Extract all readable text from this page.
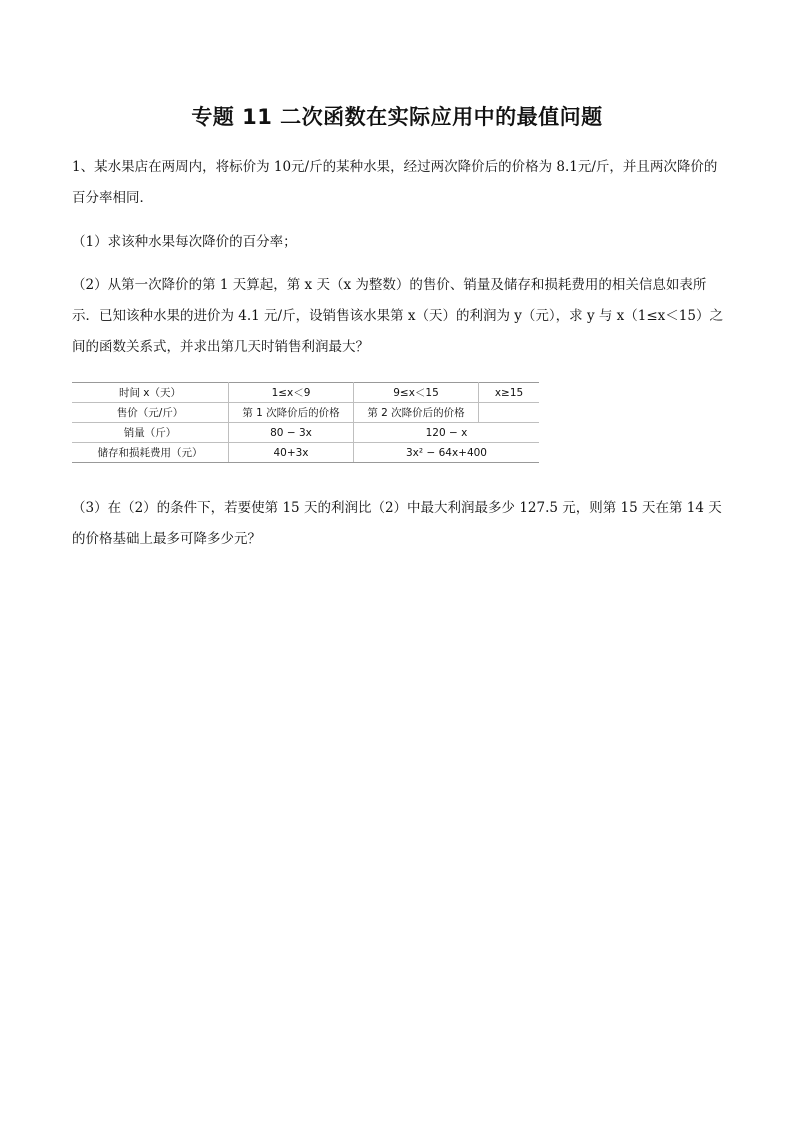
专题 11 二次函数在实际应用中的最值问题

1、某水果店在两周内，将标价为 10元/斤的某种水果，经过两次降价后的价格为 8.1元/斤，并且两次降价的百分率相同．

（1）求该种水果每次降价的百分率；

（2）从第一次降价的第 1 天算起，第 x 天（x 为整数）的售价、销量及储存和损耗费用的相关信息如表所示．已知该种水果的进价为 4.1 元/斤，设销售该水果第 x（天）的利润为 y（元），求 y 与 x（1≤x＜15）之间的函数关系式，并求出第几天时销售利润最大？

时间 x（天）	1≤x＜9	9≤x＜15	x≥15
售价（元/斤）	第 1 次降价后的价格	第 2 次降价后的价格	
销量（斤）	80 − 3x	120 − x	
储存和损耗费用（元）	40+3x	3x² − 64x+400	

（3）在（2）的条件下，若要使第 15 天的利润比（2）中最大利润最多少 127.5 元，则第 15 天在第 14 天的价格基础上最多可降多少元？
